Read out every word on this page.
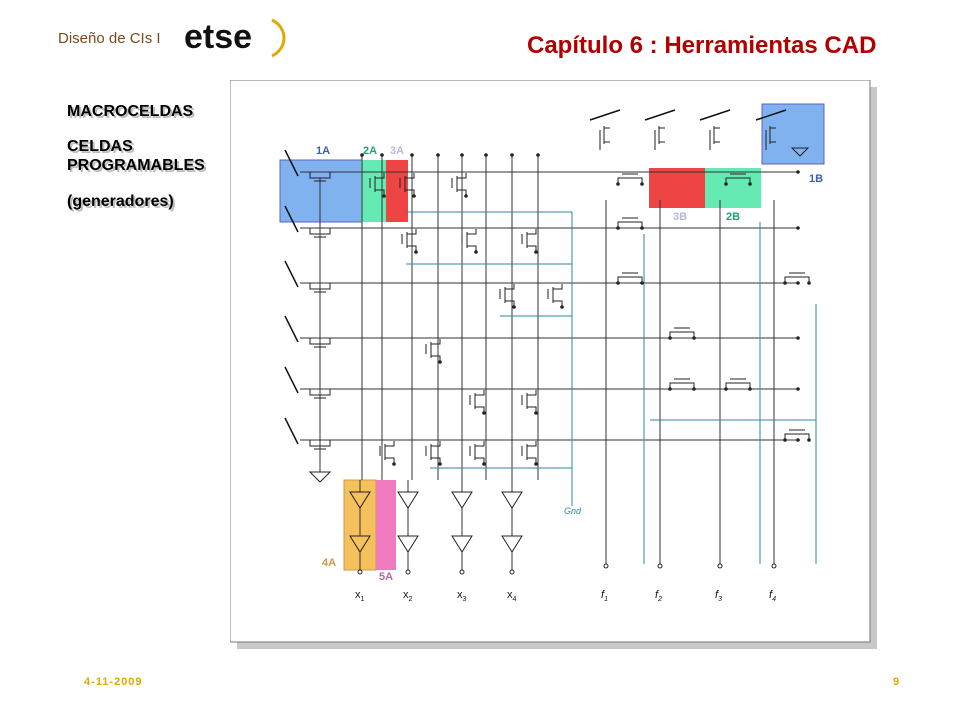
Diseño de CIs I etse	Capítulo 6 : Herramientas CAD
MACROCELDAS
CELDAS
PROGRAMABLES
(generadores)
1A	2A 3A
1B
3B	2B
4A
5A
Gnd
$x_1$	$x_2$	$x_3$	$x_4$	$f_1$	$f_2$	$f_3$	$f_4$
4-11-2009	9
